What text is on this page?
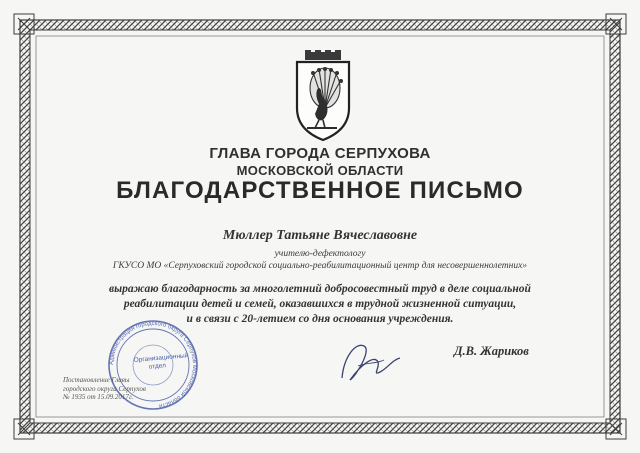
ГЛАВА ГОРОДА СЕРПУХОВА
МОСКОВСКОЙ ОБЛАСТИ
БЛАГОДАРСТВЕННОЕ ПИСЬМО
Мюллер Татьяне Вячеславовне
учителю-дефектологу
ГКУСО МО «Серпуховский городской социально-реабилитационный центр для несовершеннолетних»
выражаю благодарность за многолетний добросовестный труд в деле социальной
реабилитации детей и семей, оказавшихся в трудной жизненной ситуации,
и в связи с 20-летием со дня основания учреждения.
Д.В. Жариков
Администрация городского округа Серпухов Московской области
Организационный отдел
Постановление Главы
городского округа Серпухов
№ 1935 от 15.09.2017г.
